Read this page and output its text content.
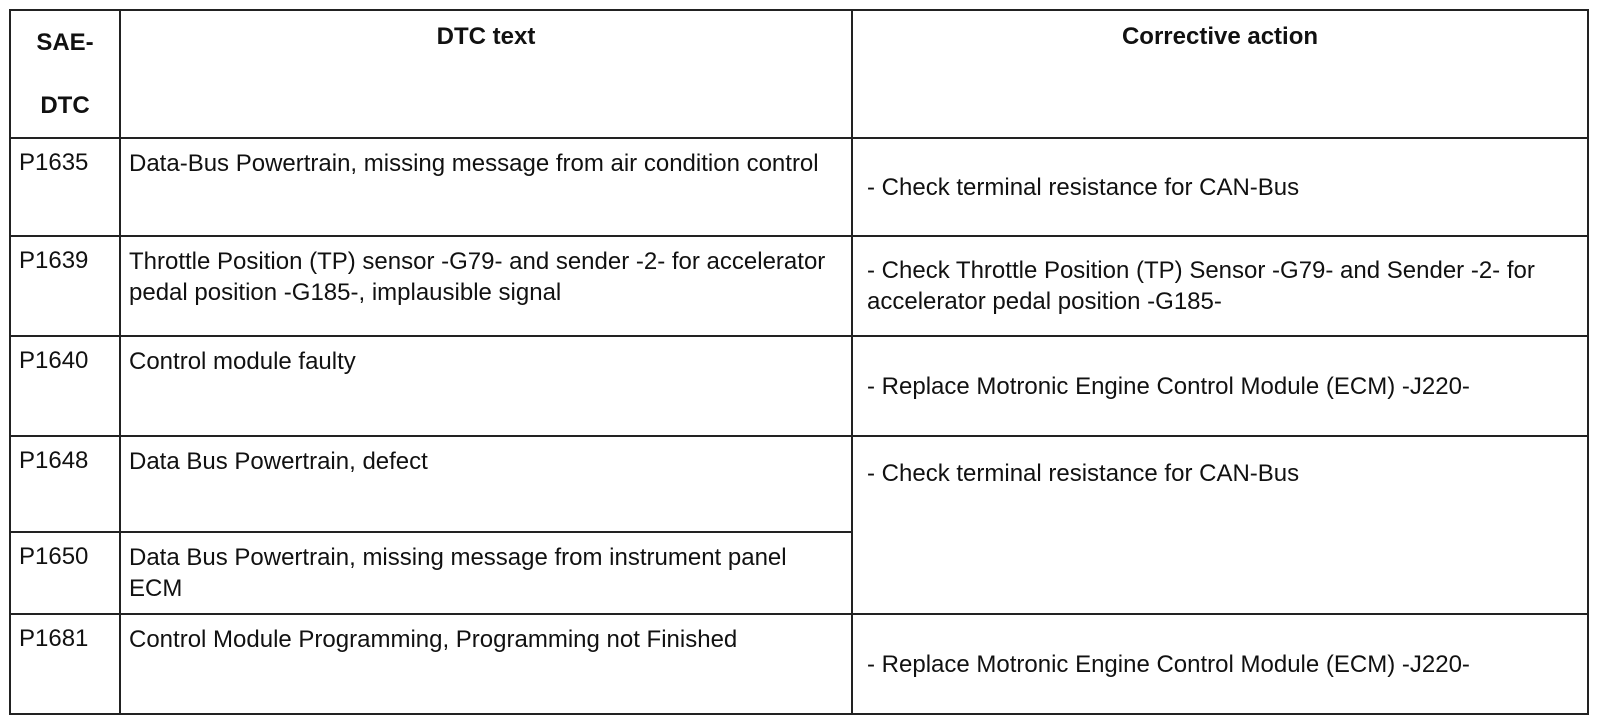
SAE-
DTC	DTC text	Corrective action
P1635	Data-Bus Powertrain, missing message from air condition control	- Check terminal resistance for CAN-Bus
P1639	Throttle Position (TP) sensor -G79- and sender -2- for accelerator pedal position -G185-, implausible signal	- Check Throttle Position (TP) Sensor -G79- and Sender -2- for accelerator pedal position -G185-
P1640	Control module faulty	- Replace Motronic Engine Control Module (ECM) -J220-
P1648	Data Bus Powertrain, defect	- Check terminal resistance for CAN-Bus
P1650	Data Bus Powertrain, missing message from instrument panel ECM	
P1681	Control Module Programming, Programming not Finished	- Replace Motronic Engine Control Module (ECM) -J220-
